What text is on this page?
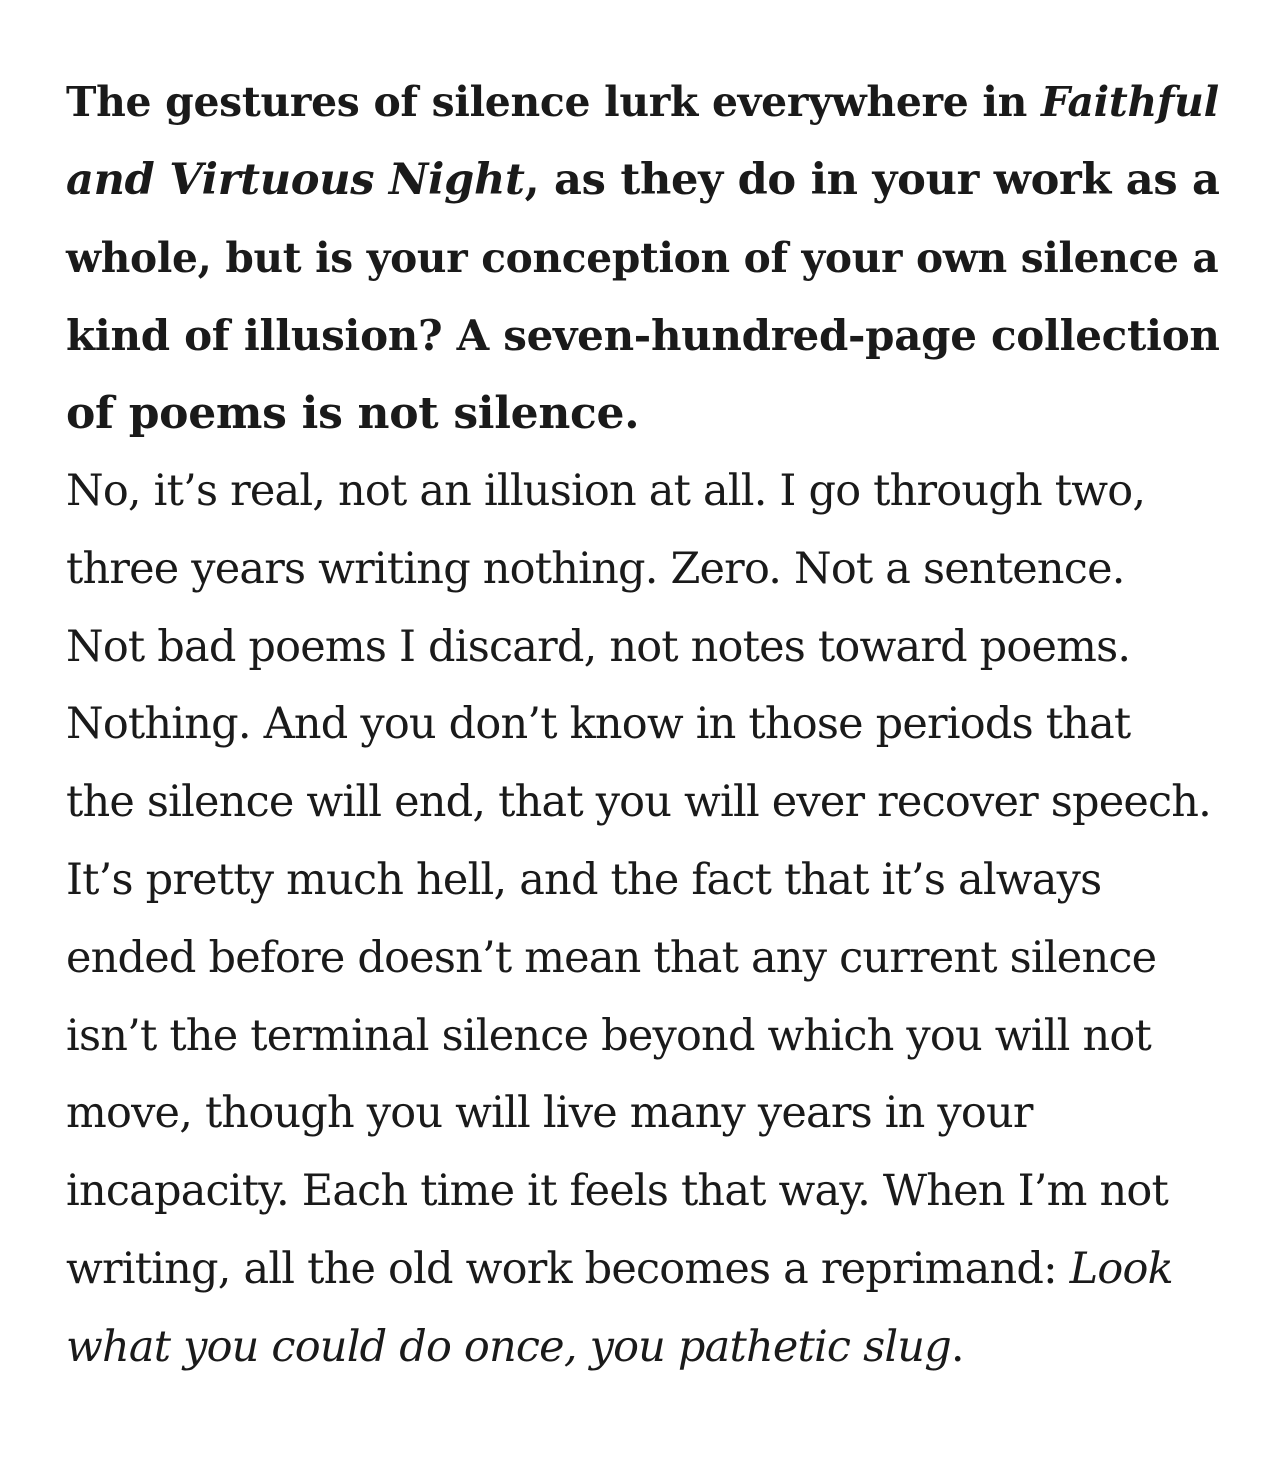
The gestures of silence lurk everywhere in Faithful
and Virtuous Night, as they do in your work as a
whole, but is your conception of your own silence a
kind of illusion? A seven-hundred-page collection
of poems is not silence.
No, it’s real, not an illusion at all. I go through two,
three years writing nothing. Zero. Not a sentence.
Not bad poems I discard, not notes toward poems.
Nothing. And you don’t know in those periods that
the silence will end, that you will ever recover speech.
It’s pretty much hell, and the fact that it’s always
ended before doesn’t mean that any current silence
isn’t the terminal silence beyond which you will not
move, though you will live many years in your
incapacity. Each time it feels that way. When I’m not
writing, all the old work becomes a reprimand: Look
what you could do once, you pathetic slug.
